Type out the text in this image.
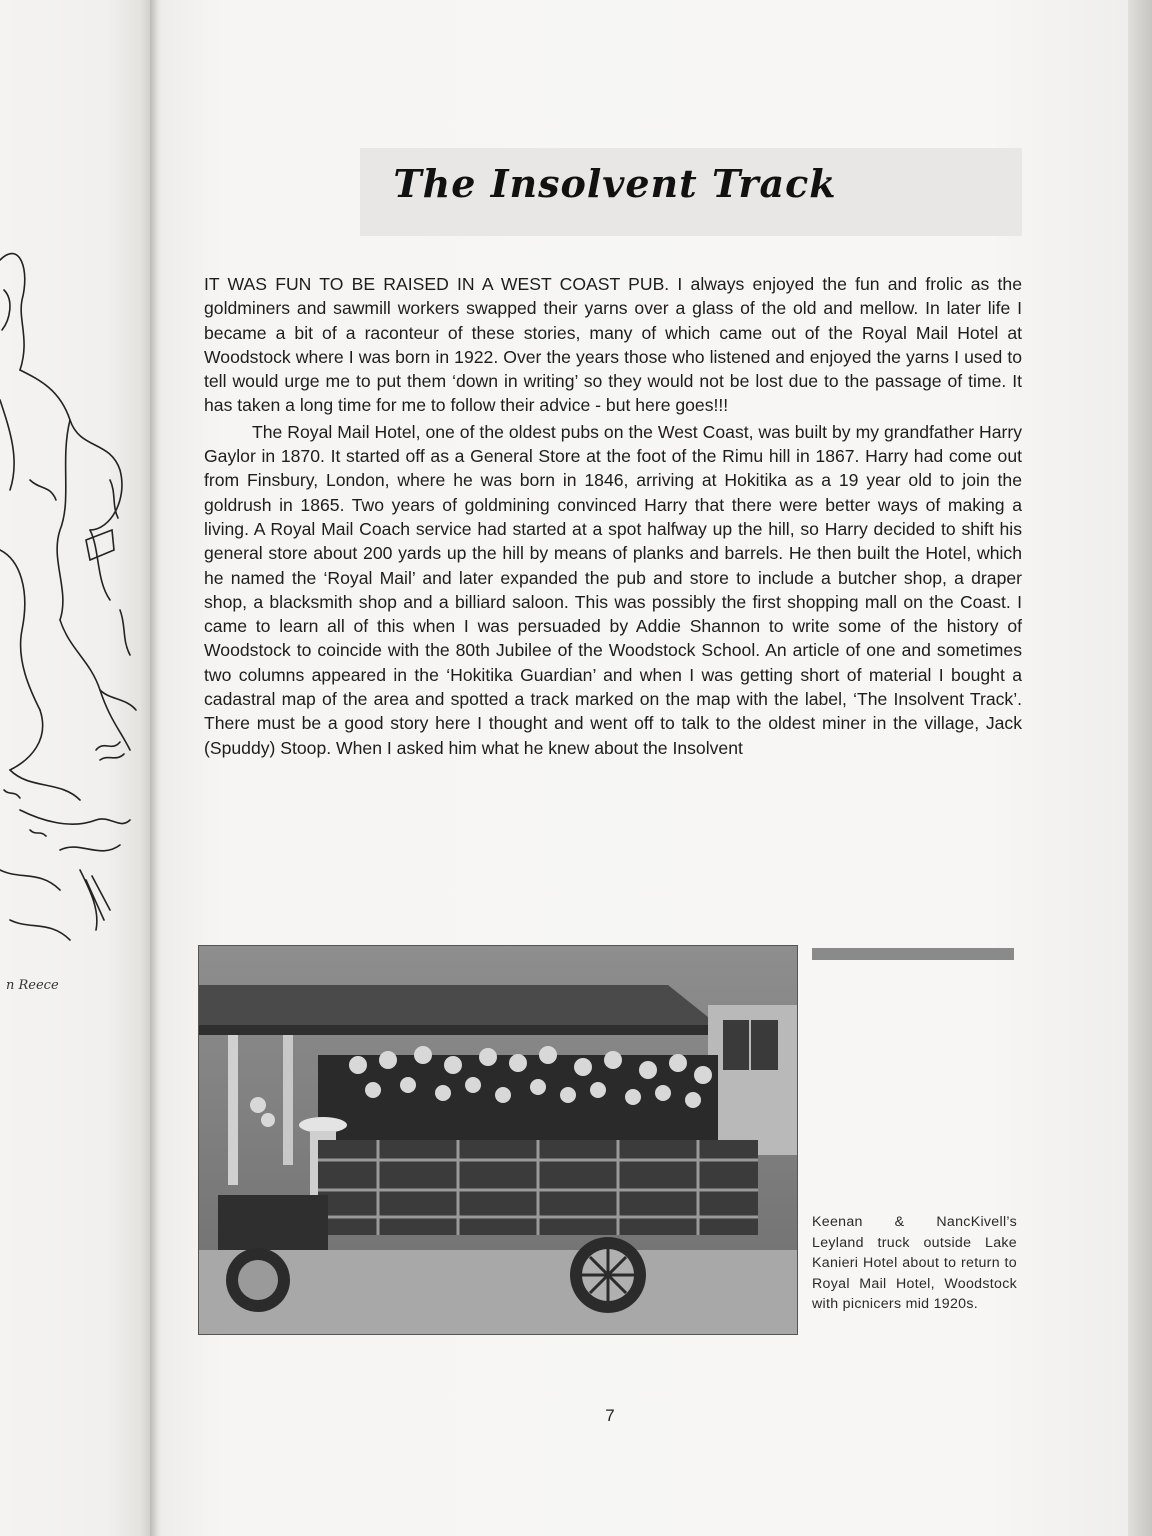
n Reece
The Insolvent Track

IT WAS FUN TO BE RAISED IN A WEST COAST PUB. I always enjoyed the fun and frolic as the goldminers and sawmill workers swapped their yarns over a glass of the old and mellow. In later life I became a bit of a raconteur of these stories, many of which came out of the Royal Mail Hotel at Woodstock where I was born in 1922. Over the years those who listened and enjoyed the yarns I used to tell would urge me to put them ‘down in writing’ so they would not be lost due to the passage of time. It has taken a long time for me to follow their advice - but here goes!!!

The Royal Mail Hotel, one of the oldest pubs on the West Coast, was built by my grandfather Harry Gaylor in 1870. It started off as a General Store at the foot of the Rimu hill in 1867. Harry had come out from Finsbury, London, where he was born in 1846, arriving at Hokitika as a 19 year old to join the goldrush in 1865. Two years of goldmining convinced Harry that there were better ways of making a living. A Royal Mail Coach service had started at a spot halfway up the hill, so Harry decided to shift his general store about 200 yards up the hill by means of planks and barrels. He then built the Hotel, which he named the ‘Royal Mail’ and later expanded the pub and store to include a butcher shop, a draper shop, a blacksmith shop and a billiard saloon. This was possibly the first shopping mall on the Coast. I came to learn all of this when I was persuaded by Addie Shannon to write some of the history of Woodstock to coincide with the 80th Jubilee of the Woodstock School. An article of one and sometimes two columns appeared in the ‘Hokitika Guardian’ and when I was getting short of material I bought a cadastral map of the area and spotted a track marked on the map with the label, ‘The Insolvent Track’. There must be a good story here I thought and went off to talk to the oldest miner in the village, Jack (Spuddy) Stoop. When I asked him what he knew about the Insolvent

Keenan & NancKivell’s Leyland truck outside Lake Kanieri Hotel about to return to Royal Mail Hotel, Woodstock with picnicers mid 1920s.
7
